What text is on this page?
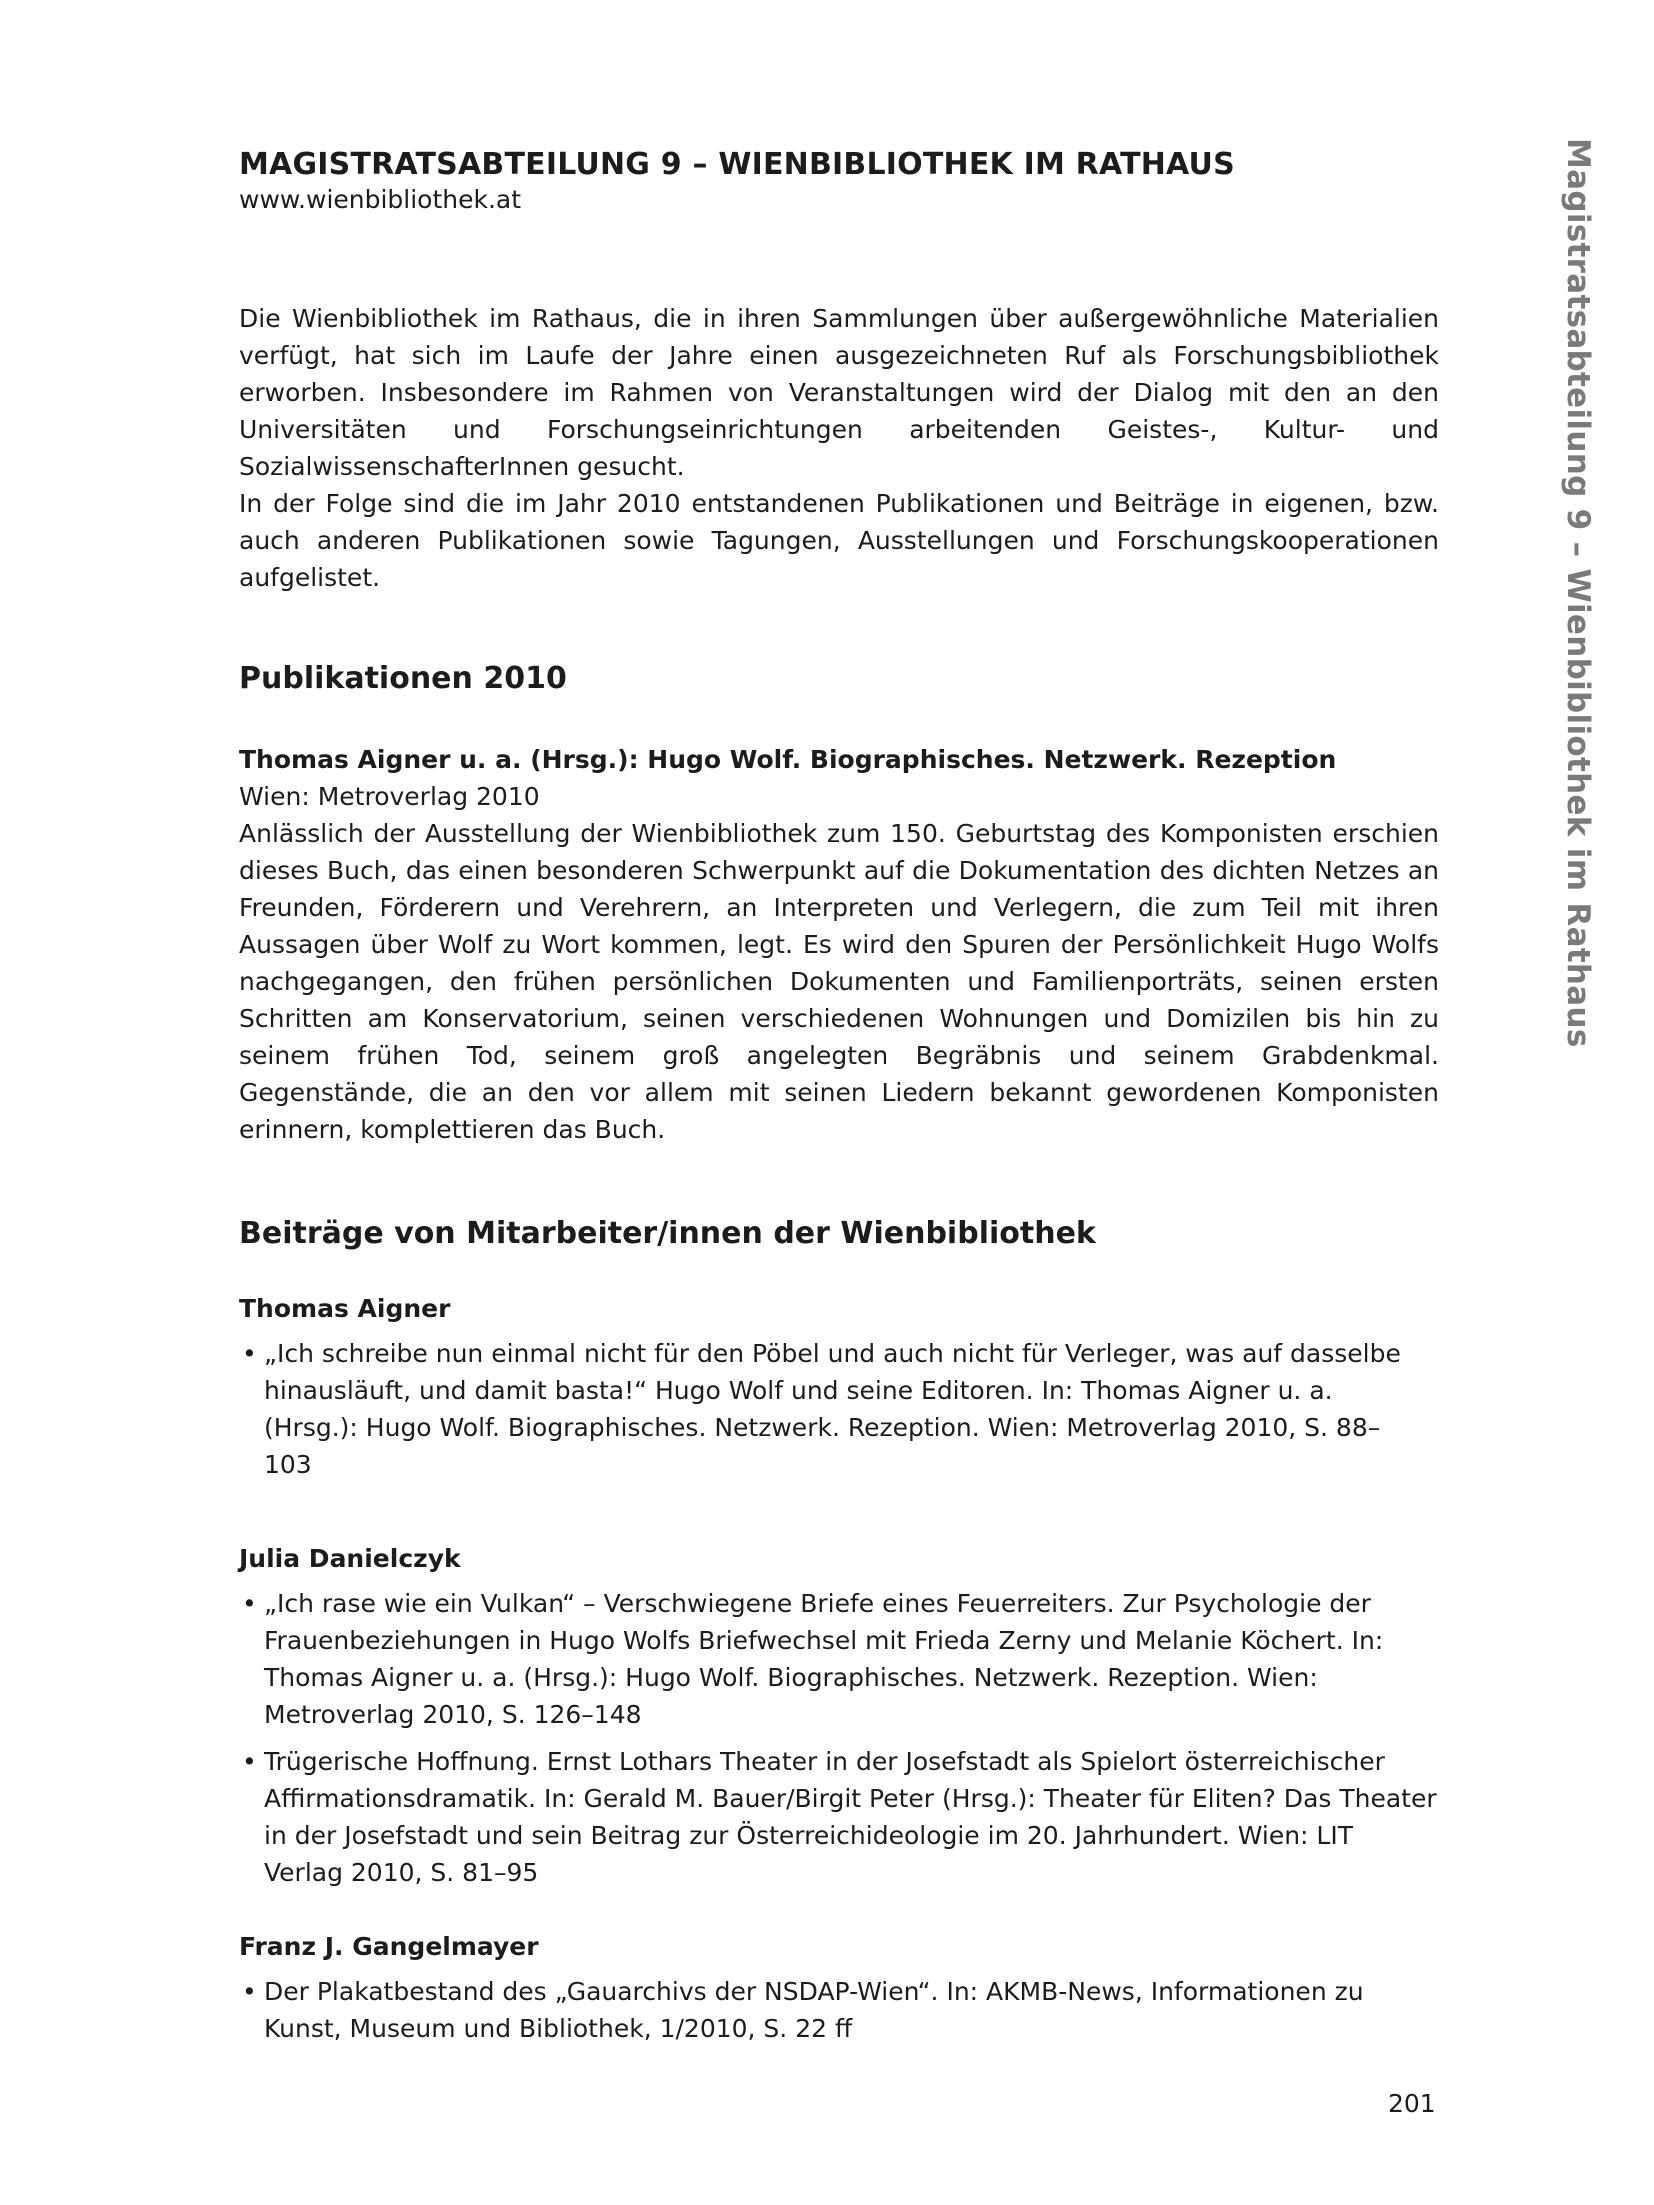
Magistratsabteilung 9 – Wienbibliothek im Rathaus
MAGISTRATSABTEILUNG 9 – WIENBIBLIOTHEK IM RATHAUS

www.wienbibliothek.at

Die Wienbibliothek im Rathaus, die in ihren Sammlungen über außergewöhnliche Materialien verfügt, hat sich im Laufe der Jahre einen ausgezeichneten Ruf als Forschungsbibliothek erworben. Insbesondere im Rahmen von Veranstaltungen wird der Dialog mit den an den Universitäten und Forschungseinrichtungen arbeitenden Geistes-, Kultur- und SozialwissenschafterInnen gesucht.

In der Folge sind die im Jahr 2010 entstandenen Publikationen und Beiträge in eigenen, bzw. auch anderen Publikationen sowie Tagungen, Ausstellungen und Forschungskooperationen aufgelistet.

Publikationen 2010
Thomas Aigner u. a. (Hrsg.): Hugo Wolf. Biographisches. Netzwerk. Rezeption
Wien: Metroverlag 2010
Anlässlich der Ausstellung der Wienbibliothek zum 150. Geburtstag des Komponisten erschien dieses Buch, das einen besonderen Schwerpunkt auf die Dokumentation des dichten Netzes an Freunden, Förderern und Verehrern, an Interpreten und Verlegern, die zum Teil mit ihren Aussagen über Wolf zu Wort kommen, legt. Es wird den Spuren der Persönlichkeit Hugo Wolfs nachgegangen, den frühen persönlichen Dokumenten und Familienporträts, seinen ersten Schritten am Konservatorium, seinen verschiedenen Wohnungen und Domizilen bis hin zu seinem frühen Tod, seinem groß angelegten Begräbnis und seinem Grabdenkmal. Gegenstände, die an den vor allem mit seinen Liedern bekannt gewordenen Komponisten erinnern, komplettieren das Buch.
Beiträge von Mitarbeiter/innen der Wienbibliothek

Thomas Aigner

• „Ich schreibe nun einmal nicht für den Pöbel und auch nicht für Verleger, was auf dasselbe hinausläuft, und damit basta!“ Hugo Wolf und seine Editoren. In: Thomas Aigner u. a. (Hrsg.): Hugo Wolf. Biographisches. Netzwerk. Rezeption. Wien: Metroverlag 2010, S. 88–103

Julia Danielczyk

• „Ich rase wie ein Vulkan“ – Verschwiegene Briefe eines Feuerreiters. Zur Psychologie der Frauenbeziehungen in Hugo Wolfs Briefwechsel mit Frieda Zerny und Melanie Köchert. In: Thomas Aigner u. a. (Hrsg.): Hugo Wolf. Biographisches. Netzwerk. Rezeption. Wien: Metroverlag 2010, S. 126–148
• Trügerische Hoffnung. Ernst Lothars Theater in der Josefstadt als Spielort österreichischer Affirmationsdramatik. In: Gerald M. Bauer/Birgit Peter (Hrsg.): Theater für Eliten? Das Theater in der Josefstadt und sein Beitrag zur Österreichideologie im 20. Jahrhundert. Wien: LIT Verlag 2010, S. 81–95

Franz J. Gangelmayer

• Der Plakatbestand des „Gauarchivs der NSDAP-Wien“. In: AKMB-News, Informationen zu Kunst, Museum und Bibliothek, 1/2010, S. 22 ff
201
